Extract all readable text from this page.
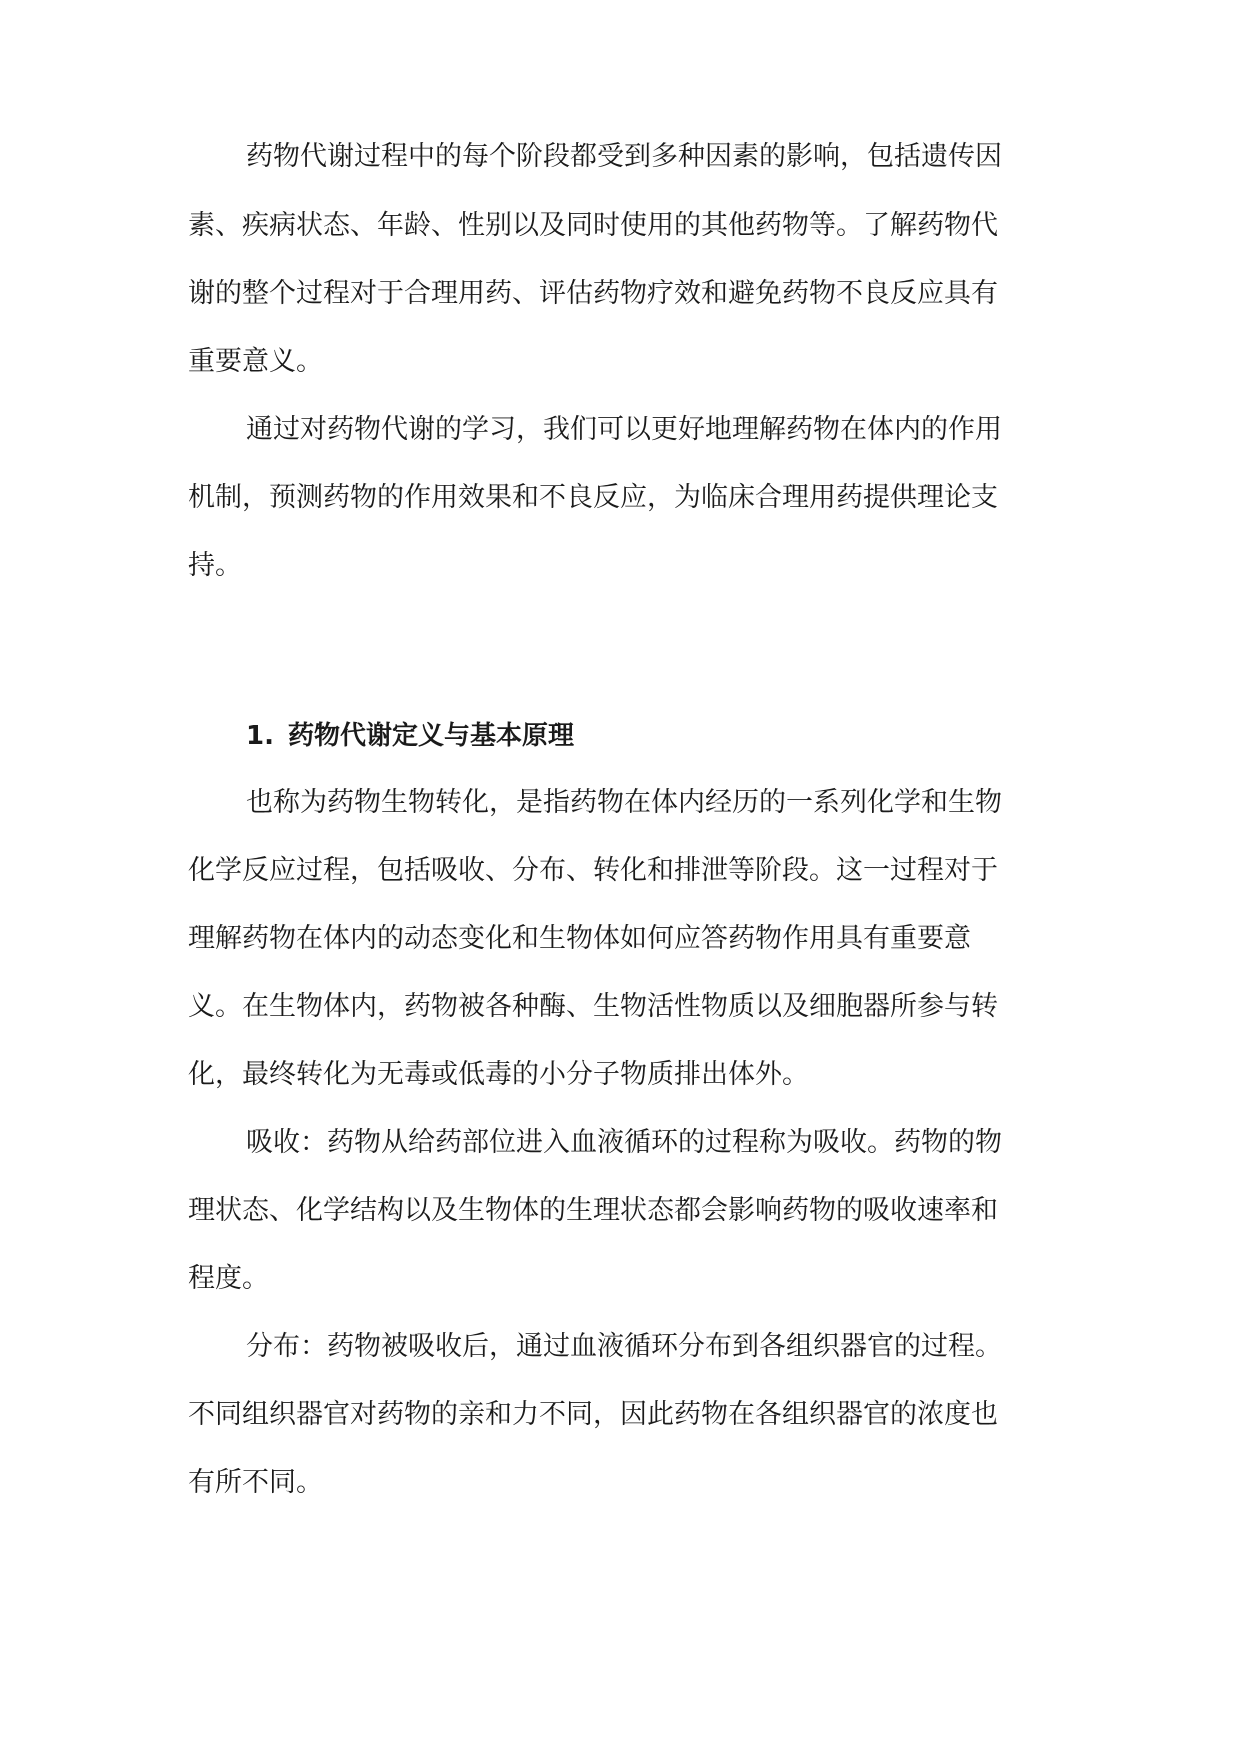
药物代谢过程中的每个阶段都受到多种因素的影响，包括遗传因
素、疾病状态、年龄、性别以及同时使用的其他药物等。了解药物代
谢的整个过程对于合理用药、评估药物疗效和避免药物不良反应具有
重要意义。
通过对药物代谢的学习，我们可以更好地理解药物在体内的作用
机制，预测药物的作用效果和不良反应，为临床合理用药提供理论支
持。
1. 药物代谢定义与基本原理
也称为药物生物转化，是指药物在体内经历的一系列化学和生物
化学反应过程，包括吸收、分布、转化和排泄等阶段。这一过程对于
理解药物在体内的动态变化和生物体如何应答药物作用具有重要意
义。在生物体内，药物被各种酶、生物活性物质以及细胞器所参与转
化，最终转化为无毒或低毒的小分子物质排出体外。
吸收：药物从给药部位进入血液循环的过程称为吸收。药物的物
理状态、化学结构以及生物体的生理状态都会影响药物的吸收速率和
程度。
分布：药物被吸收后，通过血液循环分布到各组织器官的过程。
不同组织器官对药物的亲和力不同，因此药物在各组织器官的浓度也
有所不同。
